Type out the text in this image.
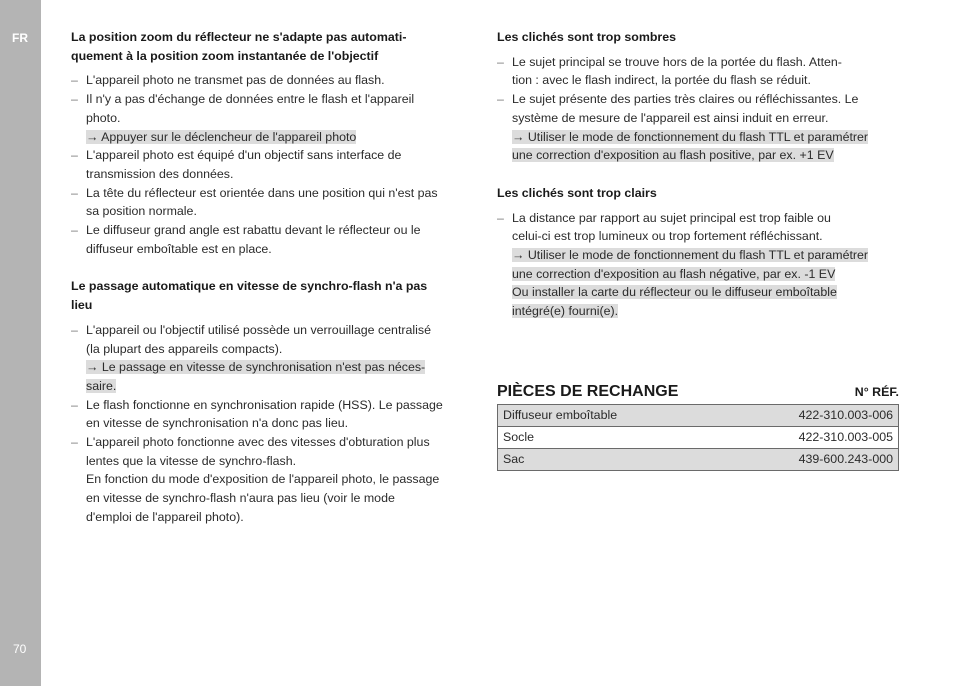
FR
70
La position zoom du réflecteur ne s'adapte pas automati-
quement à la position zoom instantanée de l'objectif
– L'appareil photo ne transmet pas de données au flash.
– Il n'y a pas d'échange de données entre le flash et l'appareil
photo.
→ Appuyer sur le déclencheur de l'appareil photo
– L'appareil photo est équipé d'un objectif sans interface de
transmission des données.
– La tête du réflecteur est orientée dans une position qui n'est pas
sa position normale.
– Le diffuseur grand angle est rabattu devant le réflecteur ou le
diffuseur emboîtable est en place.
Le passage automatique en vitesse de synchro-flash n'a pas
lieu
– L'appareil ou l'objectif utilisé possède un verrouillage centralisé
(la plupart des appareils compacts).
→ Le passage en vitesse de synchronisation n'est pas néces-
saire.
– Le flash fonctionne en synchronisation rapide (HSS). Le passage
en vitesse de synchronisation n'a donc pas lieu.
– L'appareil photo fonctionne avec des vitesses d'obturation plus
lentes que la vitesse de synchro-flash.
En fonction du mode d'exposition de l'appareil photo, le passage
en vitesse de synchro-flash n'aura pas lieu (voir le mode
d'emploi de l'appareil photo).
Les clichés sont trop sombres
– Le sujet principal se trouve hors de la portée du flash. Atten-
tion : avec le flash indirect, la portée du flash se réduit.
– Le sujet présente des parties très claires ou réfléchissantes. Le
système de mesure de l'appareil est ainsi induit en erreur.
→ Utiliser le mode de fonctionnement du flash TTL et paramétrer
une correction d'exposition au flash positive, par ex. +1 EV
Les clichés sont trop clairs
– La distance par rapport au sujet principal est trop faible ou
celui-ci est trop lumineux ou trop fortement réfléchissant.
→ Utiliser le mode de fonctionnement du flash TTL et paramétrer
une correction d'exposition au flash négative, par ex. -1 EV
Ou installer la carte du réflecteur ou le diffuseur emboîtable
intégré(e) fourni(e).
PIÈCES DE RECHANGE	N° RÉF.
Diffuseur emboîtable	422-310.003-006
Socle	422-310.003-005
Sac	439-600.243-000
